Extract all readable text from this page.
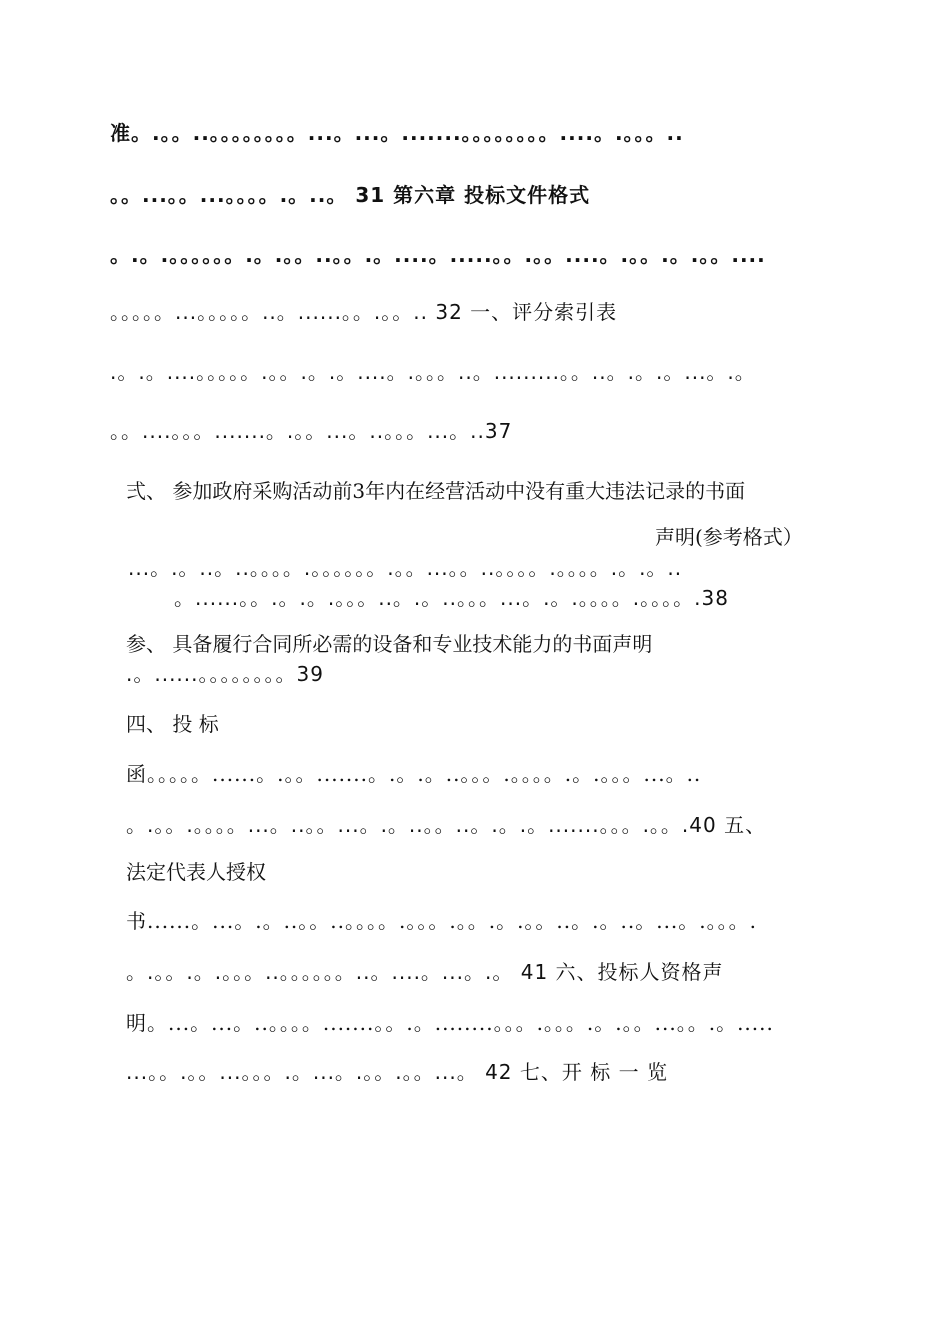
准。.。。..。。。。。。。。...。...。.......。。。。。。。。....。.。。。..
。。...。。...。。。。.。..。 31 第六章 投标文件格式
。.。.。。。。。。.。.。。..。。.。....。.....。。.。。....。.。。.。.。。....
。。。。。...。。。。。..。......。。.。。.. 32 一、评分索引表
.。.。....。。。。。.。。.。.。....。.。。。..。.........。。..。.。.。...。.。
。。....。。。.......。.。。...。..。。。...。..37
弍、 参加政府采购活动前3年内在经营活动中没有重大违法记录的书面
声明(参考格式）
...。.。..。..。。。。.。。。。。。.。。...。。..。。。。.。。。。.。.。..
。......。。.。.。.。。。..。.。..。。。...。.。.。。。。.。。。。.38
参、 具备履行合同所必需的设备和专业技术能力的书面声明
.。......。。。。。。。。39
四、 投 标
函。。。。。......。.。。.......。.。.。..。。。.。。。。.。.。。。...。..
。.。。.。。。。...。..。。...。.。..。。..。.。.。.......。。。.。。.40 五、
法定代表人授权
书......。...。.。..。。..。。。。.。。。.。。.。.。。..。.。..。...。.。。。.
。.。。.。.。。。..。。。。。。..。....。...。.。 41 六、投标人资格声
明。...。...。..。。。。.......。。.。........。。。.。。。.。.。。...。。.。.....
...。。.。。...。。。.。...。.。。.。。...。 42 七、开 标 一 览
